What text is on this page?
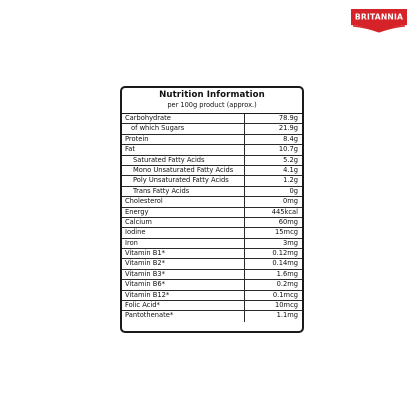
BRITANNIA
Nutrition Information
per 100g product (approx.)
Carbohydrate	78.9g
of which Sugars	21.9g
Protein	8.4g
Fat	10.7g
Saturated Fatty Acids	5.2g
Mono Unsaturated Fatty Acids	4.1g
Poly Unsaturated Fatty Acids	1.2g
Trans Fatty Acids	0g
Cholesterol	0mg
Energy	445kcal
Calcium	60mg
Iodine	15mcg
Iron	3mg
Vitamin B1*	0.12mg
Vitamin B2*	0.14mg
Vitamin B3*	1.6mg
Vitamin B6*	0.2mg
Vitamin B12*	0.1mcg
Folic Acid*	10mcg
Pantothenate*	1.1mg
